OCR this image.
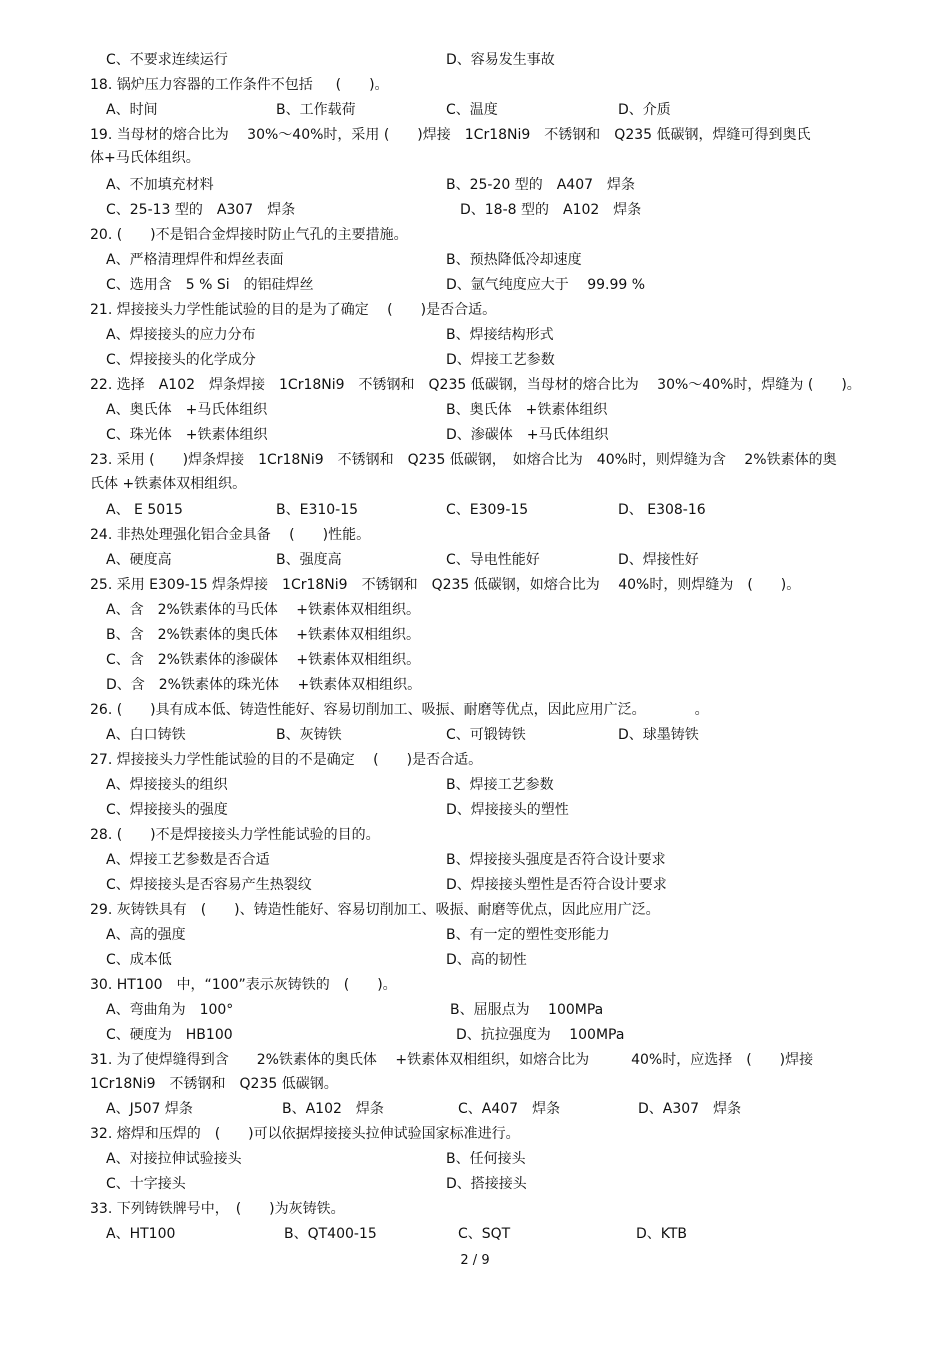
C、不要求连续运行	D、容易发生事故
18. 锅炉压力容器的工作条件不包括　  (　　)。
A、时间	B、工作载荷	C、温度	D、介质
19. 当母材的熔合比为　 30%～40%时，采用 (　　)焊接　1Cr18Ni9　不锈钢和　Q235 低碳钢，焊缝可得到奥氏
体+马氏体组织。
A、不加填充材料	B、25-20 型的　A407　焊条
C、25-13 型的　A307　焊条	D、18-8 型的　A102　焊条
20. (　　)不是铝合金焊接时防止气孔的主要措施。
A、严格清理焊件和焊丝表面	B、预热降低冷却速度
C、选用含　5 % Si　的铝硅焊丝	D、氩气纯度应大于　 99.99 %
21. 焊接接头力学性能试验的目的是为了确定　 (　　)是否合适。
A、焊接接头的应力分布	B、焊接结构形式
C、焊接接头的化学成分	D、焊接工艺参数
22. 选择　A102　焊条焊接　1Cr18Ni9　不锈钢和　Q235 低碳钢，当母材的熔合比为　 30%～40%时，焊缝为 (　　)。
A、奥氏体　+马氏体组织	B、奥氏体　+铁素体组织
C、珠光体　+铁素体组织	D、渗碳体　+马氏体组织
23. 采用 (　　)焊条焊接　1Cr18Ni9　不锈钢和　Q235 低碳钢，　如熔合比为　40%时，则焊缝为含　 2%铁素体的奥
氏体 +铁素体双相组织。
A、 E 5015	B、E310-15	C、E309-15	D、 E308-16
24. 非热处理强化铝合金具备　 (　　)性能。
A、硬度高	B、强度高	C、导电性能好	D、焊接性好
25. 采用 E309-15 焊条焊接　1Cr18Ni9　不锈钢和　Q235 低碳钢，如熔合比为　 40%时，则焊缝为　(　　)。
A、含　2%铁素体的马氏体　 +铁素体双相组织。
B、含　2%铁素体的奥氏体　 +铁素体双相组织。
C、含　2%铁素体的渗碳体　 +铁素体双相组织。
D、含　2%铁素体的珠光体　 +铁素体双相组织。
26. (　　)具有成本低、铸造性能好、容易切削加工、吸振、耐磨等优点，因此应用广泛。　　　　。
A、白口铸铁	B、灰铸铁	C、可锻铸铁	D、球墨铸铁
27. 焊接接头力学性能试验的目的不是确定　 (　　)是否合适。
A、焊接接头的组织	B、焊接工艺参数
C、焊接接头的强度	D、焊接接头的塑性
28. (　　)不是焊接接头力学性能试验的目的。
A、焊接工艺参数是否合适	B、焊接接头强度是否符合设计要求
C、焊接接头是否容易产生热裂纹	D、焊接接头塑性是否符合设计要求
29. 灰铸铁具有　(　　)、铸造性能好、容易切削加工、吸振、耐磨等优点，因此应用广泛。
A、高的强度	B、有一定的塑性变形能力
C、成本低	D、高的韧性
30. HT100　中，“100”表示灰铸铁的　(　　)。
A、弯曲角为　100°	B、屈服点为　 100MPa
C、硬度为　HB100	D、抗拉强度为　 100MPa
31. 为了使焊缝得到含　　2%铁素体的奥氏体　 +铁素体双相组织，如熔合比为　　　40%时，应选择　(　　)焊接
1Cr18Ni9　不锈钢和　Q235 低碳钢。
A、J507 焊条	B、A102　焊条	C、A407　焊条	D、A307　焊条
32. 熔焊和压焊的　(　　)可以依据焊接接头拉伸试验国家标准进行。
A、对接拉伸试验接头	B、任何接头
C、十字接头	D、搭接接头
33. 下列铸铁牌号中，　(　　)为灰铸铁。
A、HT100	B、QT400-15	C、SQT	D、KTB
2 / 9
